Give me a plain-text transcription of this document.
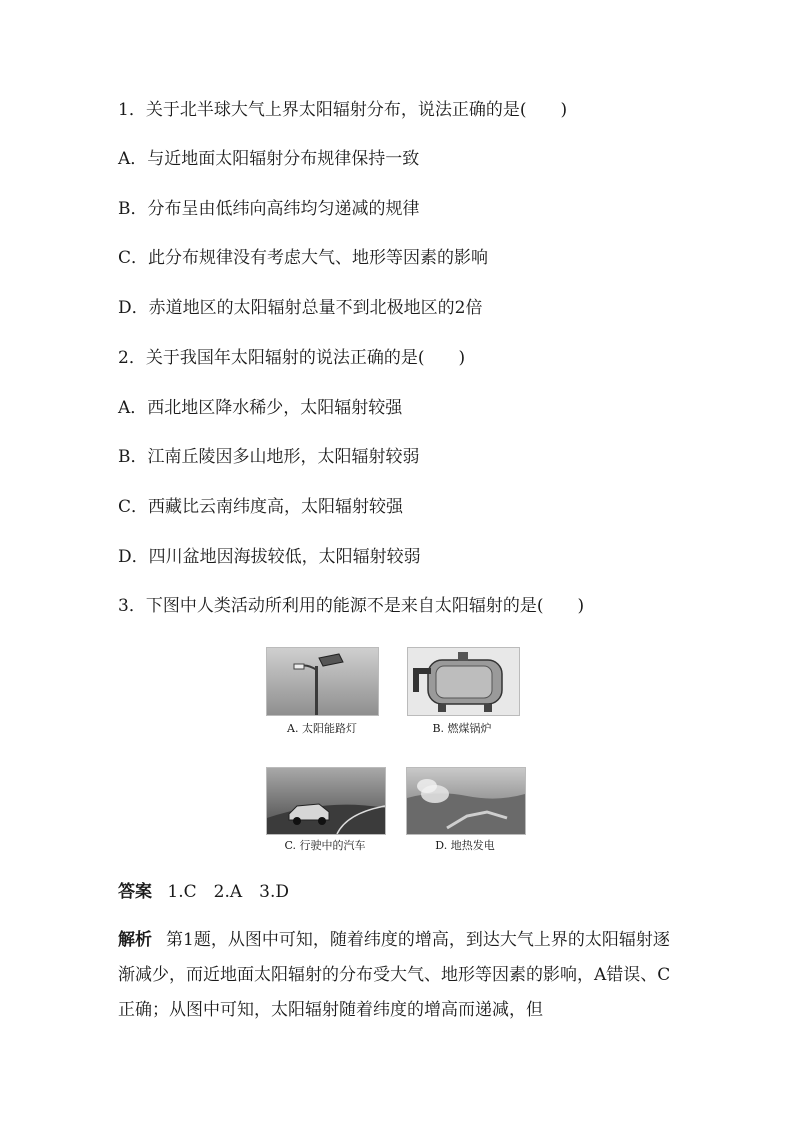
1．关于北半球大气上界太阳辐射分布，说法正确的是(　　)
A．与近地面太阳辐射分布规律保持一致
B．分布呈由低纬向高纬均匀递减的规律
C．此分布规律没有考虑大气、地形等因素的影响
D．赤道地区的太阳辐射总量不到北极地区的2倍
2．关于我国年太阳辐射的说法正确的是(　　)
A．西北地区降水稀少，太阳辐射较强
B．江南丘陵因多山地形，太阳辐射较弱
C．西藏比云南纬度高，太阳辐射较强
D．四川盆地因海拔较低，太阳辐射较弱
3．下图中人类活动所利用的能源不是来自太阳辐射的是(　　)
A. 太阳能路灯	B. 燃煤锅炉
C. 行驶中的汽车	D. 地热发电
答案 1.C　2.A　3.D
解析 第1题，从图中可知，随着纬度的增高，到达大气上界的太阳辐射逐渐减少，而近地面太阳辐射的分布受大气、地形等因素的影响，A错误、C正确；从图中可知，太阳辐射随着纬度的增高而递减，但
